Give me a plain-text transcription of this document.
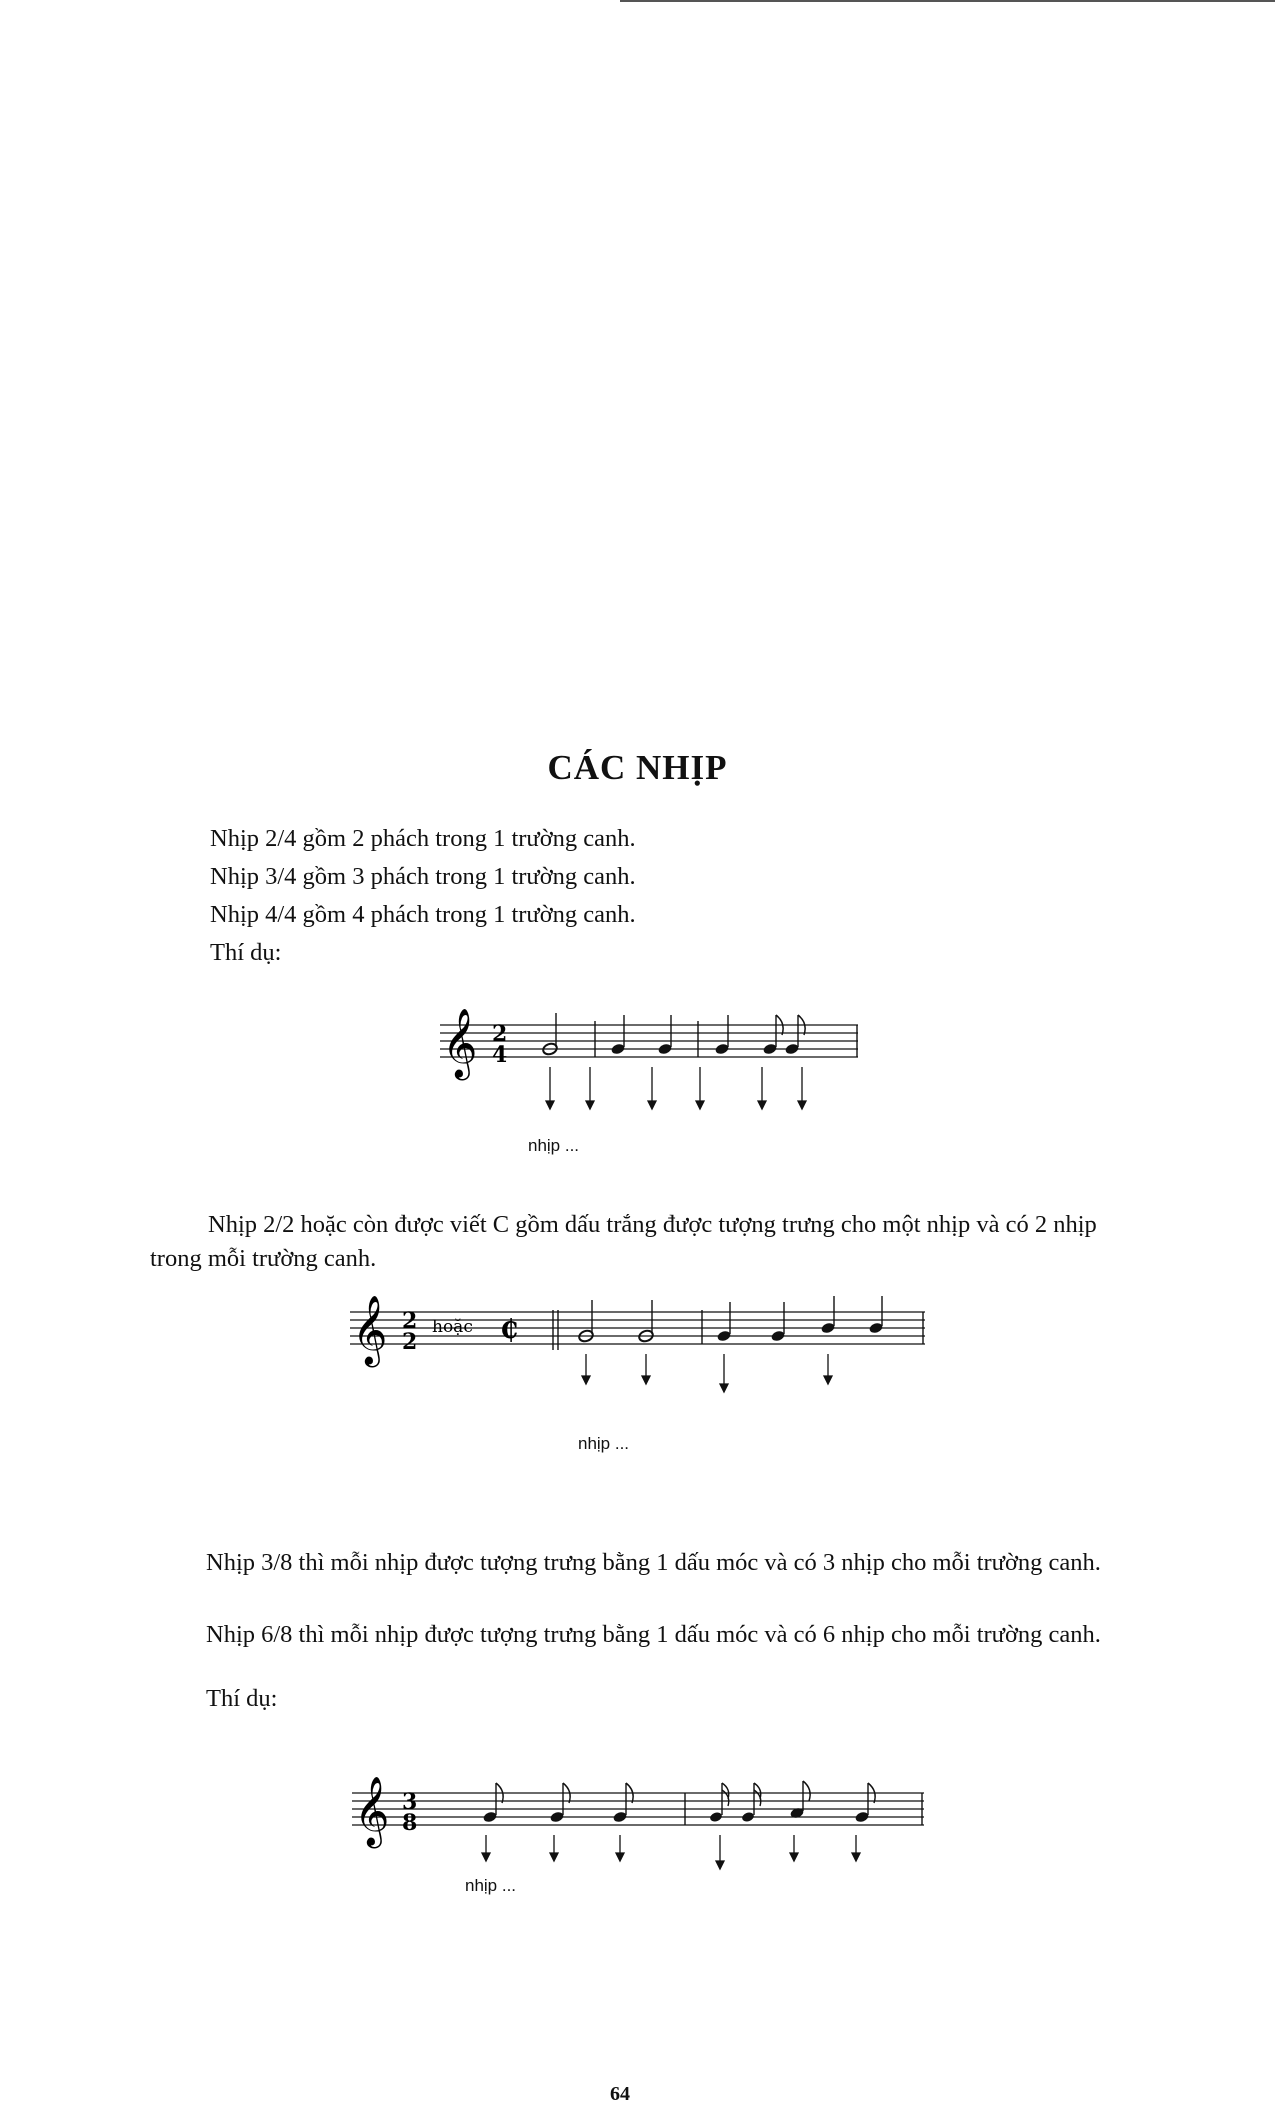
CÁC NHỊP
Nhịp 2/4 gồm 2 phách trong 1 trường canh.
Nhịp 3/4 gồm 3 phách trong 1 trường canh.
Nhịp 4/4 gồm 4 phách trong 1 trường canh.
Thí dụ:
𝄞 2
4
nhịp ...
Nhịp 2/2 hoặc còn được viết C gồm dấu trắng được tượng trưng cho một nhịp và có 2 nhịp trong mỗi trường canh.
𝄞 2
2
hoặc ₵
nhịp ...
Nhịp 3/8 thì mỗi nhịp được tượng trưng bằng 1 dấu móc và có 3 nhịp cho mỗi trường canh.
Nhịp 6/8 thì mỗi nhịp được tượng trưng bằng 1 dấu móc và có 6 nhịp cho mỗi trường canh.
Thí dụ:
𝄞 3
8
nhịp ...
64
